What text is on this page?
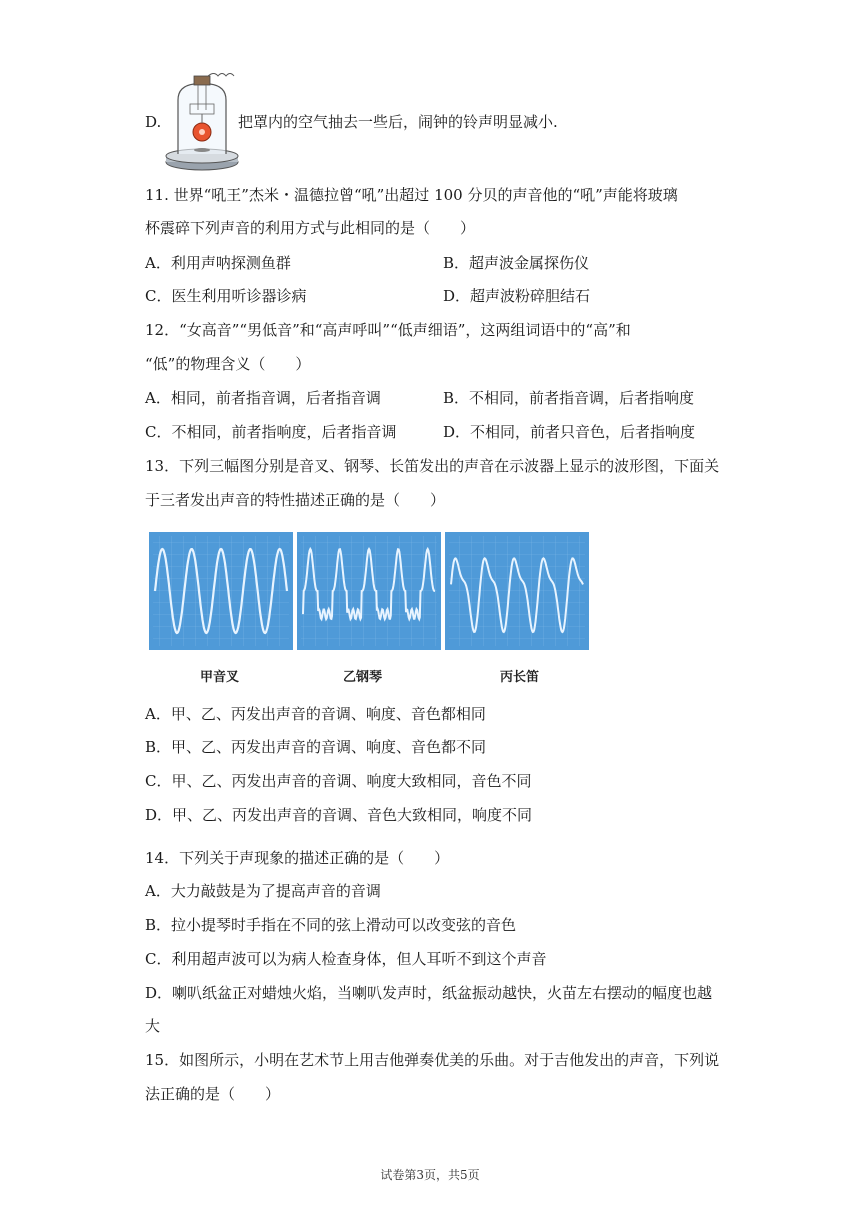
D.	把罩内的空气抽去一些后，闹钟的铃声明显减小.
11. 世界“吼王”杰米・温德拉曾“吼”出超过 100 分贝的声音他的“吼”声能将玻璃
杯震碎下列声音的利用方式与此相同的是（　　）
A．利用声呐探测鱼群	B．超声波金属探伤仪
C．医生利用听诊器诊病	D．超声波粉碎胆结石
12．“女高音”“男低音”和“高声呼叫”“低声细语”，这两组词语中的“高”和
“低”的物理含义（　　）
A．相同，前者指音调，后者指音调	B．不相同，前者指音调，后者指响度
C．不相同，前者指响度，后者指音调	D．不相同，前者只音色，后者指响度
13．下列三幅图分别是音叉、钢琴、长笛发出的声音在示波器上显示的波形图，下面关
于三者发出声音的特性描述正确的是（　　）
甲音叉	乙钢琴	丙长笛
A．甲、乙、丙发出声音的音调、响度、音色都相同
B．甲、乙、丙发出声音的音调、响度、音色都不同
C．甲、乙、丙发出声音的音调、响度大致相同，音色不同
D．甲、乙、丙发出声音的音调、音色大致相同，响度不同
14．下列关于声现象的描述正确的是（　　）
A．大力敲鼓是为了提高声音的音调
B．拉小提琴时手指在不同的弦上滑动可以改变弦的音色
C．利用超声波可以为病人检查身体，但人耳听不到这个声音
D．喇叭纸盆正对蜡烛火焰，当喇叭发声时，纸盆振动越快，火苗左右摆动的幅度也越
大
15．如图所示，小明在艺术节上用吉他弹奏优美的乐曲。对于吉他发出的声音，下列说
法正确的是（　　）
试卷第3页，共5页
